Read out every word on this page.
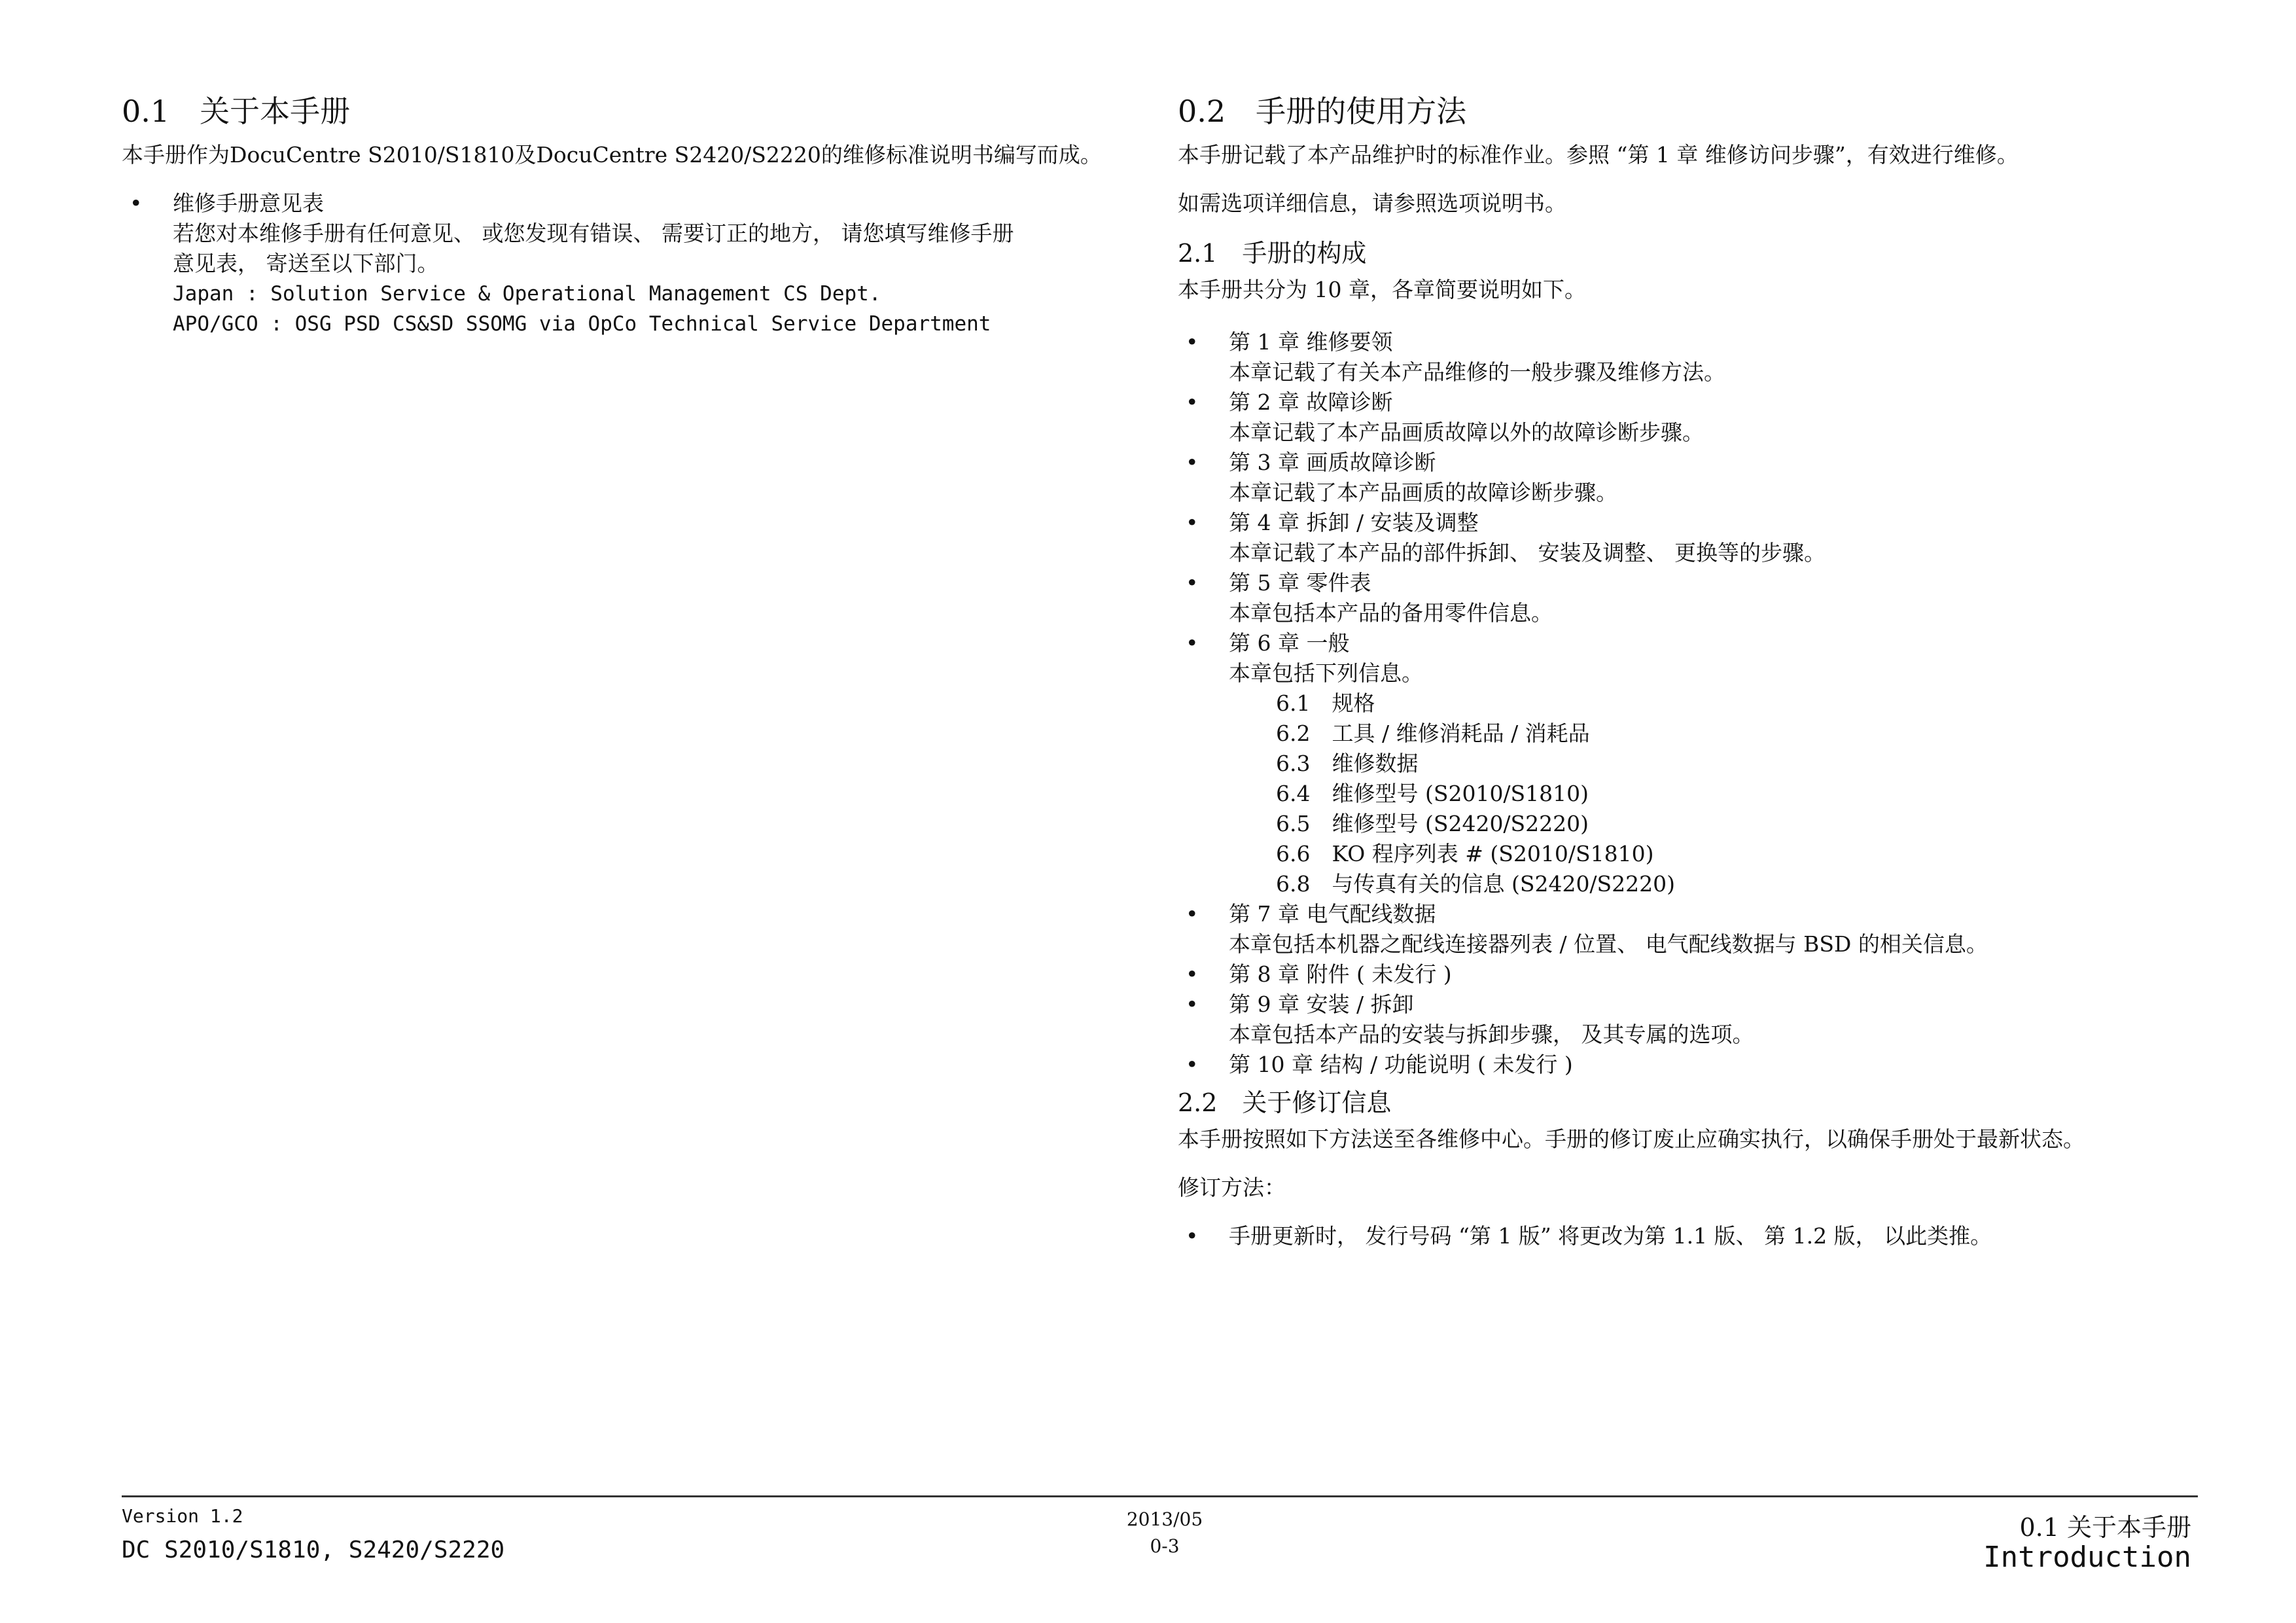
0.1　关于本手册

本手册作为DocuCentre S2010/S1810及DocuCentre S2420/S2220的维修标准说明书编写而成。

• 维修手册意见表
若您对本维修手册有任何意见、 或您发现有错误、 需要订正的地方， 请您填写维修手册
意见表， 寄送至以下部门。
Japan : Solution Service & Operational Management CS Dept.
APO/GCO : OSG PSD CS&SD SSOMG via OpCo Technical Service Department
0.2　手册的使用方法

本手册记载了本产品维护时的标准作业。参照 “第 1 章 维修访问步骤”，有效进行维修。

如需选项详细信息，请参照选项说明书。

2.1　手册的构成

本手册共分为 10 章，各章简要说明如下。

• 第 1 章 维修要领
本章记载了有关本产品维修的一般步骤及维修方法。
• 第 2 章 故障诊断
本章记载了本产品画质故障以外的故障诊断步骤。
• 第 3 章 画质故障诊断
本章记载了本产品画质的故障诊断步骤。
• 第 4 章 拆卸 / 安装及调整
本章记载了本产品的部件拆卸、 安装及调整、 更换等的步骤。
• 第 5 章 零件表
本章包括本产品的备用零件信息。
• 第 6 章 一般
本章包括下列信息。
6.1　规格
6.2　工具 / 维修消耗品 / 消耗品
6.3　维修数据
6.4　维修型号 (S2010/S1810)
6.5　维修型号 (S2420/S2220)
6.6　KO 程序列表 # (S2010/S1810)
6.8　与传真有关的信息 (S2420/S2220)
• 第 7 章 电气配线数据
本章包括本机器之配线连接器列表 / 位置、 电气配线数据与 BSD 的相关信息。
• 第 8 章 附件 ( 未发行 )
• 第 9 章 安装 / 拆卸
本章包括本产品的安装与拆卸步骤， 及其专属的选项。
• 第 10 章 结构 / 功能说明 ( 未发行 )
2.2　关于修订信息

本手册按照如下方法送至各维修中心。手册的修订废止应确实执行，以确保手册处于最新状态。

修订方法：

• 手册更新时， 发行号码 “第 1 版” 将更改为第 1.1 版、 第 1.2 版， 以此类推。
Version 1.2
DC S2010/S1810, S2420/S2220
2013/05
0-3
0.1 关于本手册
Introduction
